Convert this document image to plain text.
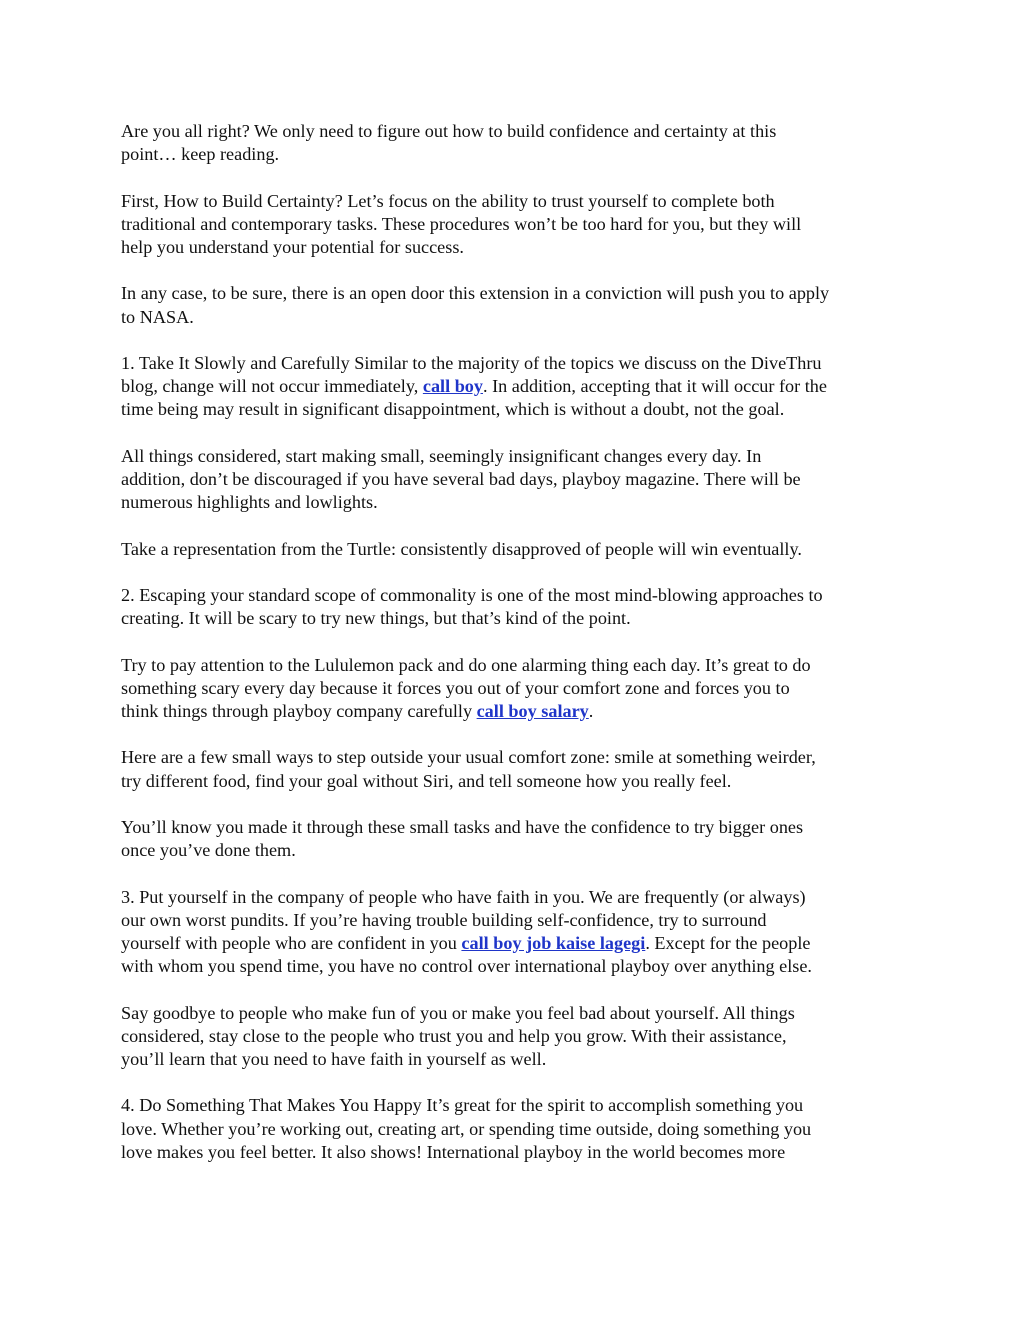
Are you all right? We only need to figure out how to build confidence and certainty at this
point… keep reading.
First, How to Build Certainty? Let’s focus on the ability to trust yourself to complete both
traditional and contemporary tasks. These procedures won’t be too hard for you, but they will
help you understand your potential for success.
In any case, to be sure, there is an open door this extension in a conviction will push you to apply
to NASA.
1. Take It Slowly and Carefully Similar to the majority of the topics we discuss on the DiveThru
blog, change will not occur immediately, call boy. In addition, accepting that it will occur for the
time being may result in significant disappointment, which is without a doubt, not the goal.
All things considered, start making small, seemingly insignificant changes every day. In
addition, don’t be discouraged if you have several bad days, playboy magazine. There will be
numerous highlights and lowlights.
Take a representation from the Turtle: consistently disapproved of people will win eventually.
2. Escaping your standard scope of commonality is one of the most mind-blowing approaches to
creating. It will be scary to try new things, but that’s kind of the point.
Try to pay attention to the Lululemon pack and do one alarming thing each day. It’s great to do
something scary every day because it forces you out of your comfort zone and forces you to
think things through playboy company carefully call boy salary.
Here are a few small ways to step outside your usual comfort zone: smile at something weirder,
try different food, find your goal without Siri, and tell someone how you really feel.
You’ll know you made it through these small tasks and have the confidence to try bigger ones
once you’ve done them.
3. Put yourself in the company of people who have faith in you. We are frequently (or always)
our own worst pundits. If you’re having trouble building self-confidence, try to surround
yourself with people who are confident in you call boy job kaise lagegi. Except for the people
with whom you spend time, you have no control over international playboy over anything else.
Say goodbye to people who make fun of you or make you feel bad about yourself. All things
considered, stay close to the people who trust you and help you grow. With their assistance,
you’ll learn that you need to have faith in yourself as well.
4. Do Something That Makes You Happy It’s great for the spirit to accomplish something you
love. Whether you’re working out, creating art, or spending time outside, doing something you
love makes you feel better. It also shows! International playboy in the world becomes more
